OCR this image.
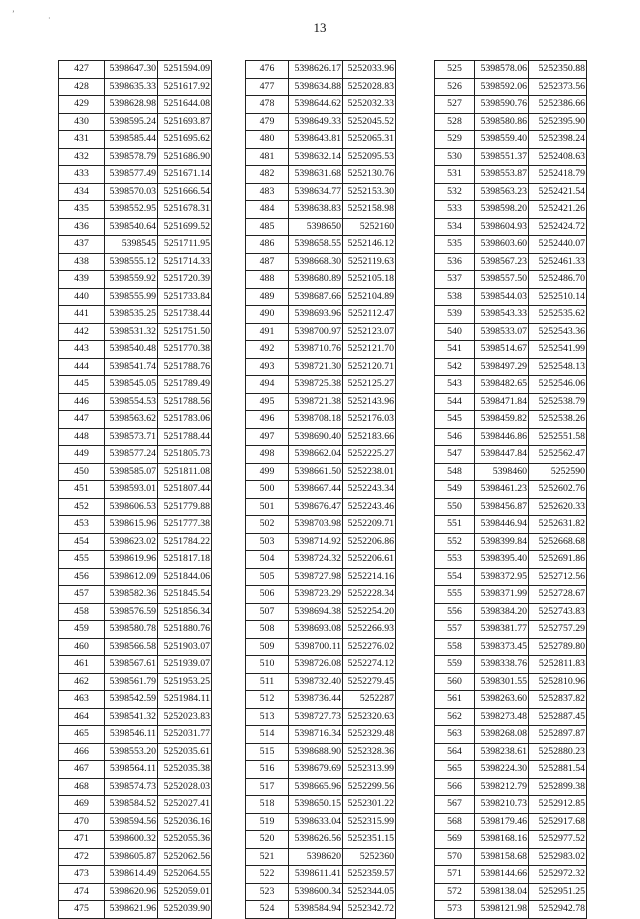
ʼ
·
13
427	5398647.30	5251594.09
428	5398635.33	5251617.92
429	5398628.98	5251644.08
430	5398595.24	5251693.87
431	5398585.44	5251695.62
432	5398578.79	5251686.90
433	5398577.49	5251671.14
434	5398570.03	5251666.54
435	5398552.95	5251678.31
436	5398540.64	5251699.52
437	5398545	5251711.95
438	5398555.12	5251714.33
439	5398559.92	5251720.39
440	5398555.99	5251733.84
441	5398535.25	5251738.44
442	5398531.32	5251751.50
443	5398540.48	5251770.38
444	5398541.74	5251788.76
445	5398545.05	5251789.49
446	5398554.53	5251788.56
447	5398563.62	5251783.06
448	5398573.71	5251788.44
449	5398577.24	5251805.73
450	5398585.07	5251811.08
451	5398593.01	5251807.44
452	5398606.53	5251779.88
453	5398615.96	5251777.38
454	5398623.02	5251784.22
455	5398619.96	5251817.18
456	5398612.09	5251844.06
457	5398582.36	5251845.54
458	5398576.59	5251856.34
459	5398580.78	5251880.76
460	5398566.58	5251903.07
461	5398567.61	5251939.07
462	5398561.79	5251953.25
463	5398542.59	5251984.11
464	5398541.32	5252023.83
465	5398546.11	5252031.77
466	5398553.20	5252035.61
467	5398564.11	5252035.38
468	5398574.73	5252028.03
469	5398584.52	5252027.41
470	5398594.56	5252036.16
471	5398600.32	5252055.36
472	5398605.87	5252062.56
473	5398614.49	5252064.55
474	5398620.96	5252059.01
475	5398621.96	5252039.90
476	5398626.17	5252033.96
477	5398634.88	5252028.83
478	5398644.62	5252032.33
479	5398649.33	5252045.52
480	5398643.81	5252065.31
481	5398632.14	5252095.53
482	5398631.68	5252130.76
483	5398634.77	5252153.30
484	5398638.83	5252158.98
485	5398650	5252160
486	5398658.55	5252146.12
487	5398668.30	5252119.63
488	5398680.89	5252105.18
489	5398687.66	5252104.89
490	5398693.96	5252112.47
491	5398700.97	5252123.07
492	5398710.76	5252121.70
493	5398721.30	5252120.71
494	5398725.38	5252125.27
495	5398721.38	5252143.96
496	5398708.18	5252176.03
497	5398690.40	5252183.66
498	5398662.04	5252225.27
499	5398661.50	5252238.01
500	5398667.44	5252243.34
501	5398676.47	5252243.46
502	5398703.98	5252209.71
503	5398714.92	5252206.86
504	5398724.32	5252206.61
505	5398727.98	5252214.16
506	5398723.29	5252228.34
507	5398694.38	5252254.20
508	5398693.08	5252266.93
509	5398700.11	5252276.02
510	5398726.08	5252274.12
511	5398732.40	5252279.45
512	5398736.44	5252287
513	5398727.73	5252320.63
514	5398716.34	5252329.48
515	5398688.90	5252328.36
516	5398679.69	5252313.99
517	5398665.96	5252299.56
518	5398650.15	5252301.22
519	5398633.04	5252315.99
520	5398626.56	5252351.15
521	5398620	5252360
522	5398611.41	5252359.57
523	5398600.34	5252344.05
524	5398584.94	5252342.72
525	5398578.06	5252350.88
526	5398592.06	5252373.56
527	5398590.76	5252386.66
528	5398580.86	5252395.90
529	5398559.40	5252398.24
530	5398551.37	5252408.63
531	5398553.87	5252418.79
532	5398563.23	5252421.54
533	5398598.20	5252421.26
534	5398604.93	5252424.72
535	5398603.60	5252440.07
536	5398567.23	5252461.33
537	5398557.50	5252486.70
538	5398544.03	5252510.14
539	5398543.33	5252535.62
540	5398533.07	5252543.36
541	5398514.67	5252541.99
542	5398497.29	5252548.13
543	5398482.65	5252546.06
544	5398471.84	5252538.79
545	5398459.82	5252538.26
546	5398446.86	5252551.58
547	5398447.84	5252562.47
548	5398460	5252590
549	5398461.23	5252602.76
550	5398456.87	5252620.33
551	5398446.94	5252631.82
552	5398399.84	5252668.68
553	5398395.40	5252691.86
554	5398372.95	5252712.56
555	5398371.99	5252728.67
556	5398384.20	5252743.83
557	5398381.77	5252757.29
558	5398373.45	5252789.80
559	5398338.76	5252811.83
560	5398301.55	5252810.96
561	5398263.60	5252837.82
562	5398273.48	5252887.45
563	5398268.08	5252897.87
564	5398238.61	5252880.23
565	5398224.30	5252881.54
566	5398212.79	5252899.38
567	5398210.73	5252912.85
568	5398179.46	5252917.68
569	5398168.16	5252977.52
570	5398158.68	5252983.02
571	5398144.66	5252972.32
572	5398138.04	5252951.25
573	5398121.98	5252942.78
